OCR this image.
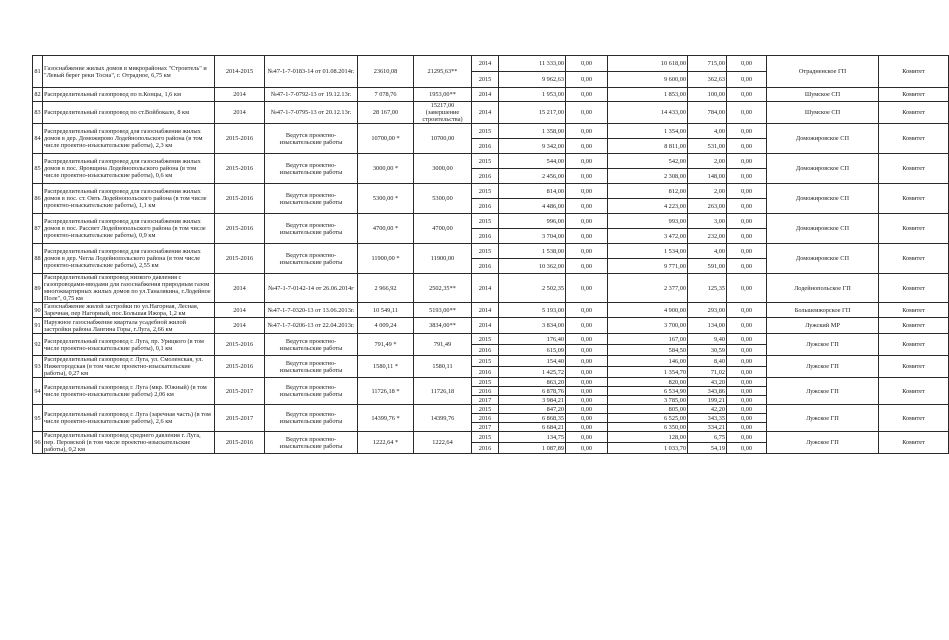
81	Газоснабжение жилых домов в микрорайонах "Строитель" и "Левый берег реки Тосна", г. Отрадное, 6,75 км	2014-2015	№47-1-7-0183-14 от 01.08.2014г.	23610,08	21295,63**	2014	11 333,00	0,00	10 618,00	715,00	0,00	Отрадненское ГП	Комитет
						2015	9 962,63	0,00	9 600,00	362,63	0,00		
82	Распределительный газопровод по п.Концы, 1,6 км	2014	№47-1-7-0792-13 от 19.12.13г.	7 078,76	1953,00**	2014	1 953,00	0,00	1 853,00	100,00	0,00	Шумское СП	Комитет
83	Распределительный газопровод по ст.Войбокало, 8 км	2014	№47-1-7-0795-13 от 20.12.13г.	28 167,00	15217,00 (завершение строительства)	2014	15 217,00	0,00	14 433,00	784,00	0,00	Шумское СП	Комитет
84	Распределительный газопровод для газоснабжения жилых домов в дер. Доможирово Лодейнопольского района (в том числе проектно-изыскательские работы), 2,3 км	2015-2016	Ведутся проектно-изыскательские работы	10700,00 *	10700,00	2015	1 358,00	0,00	1 354,00	4,00	0,00	Доможировское СП	Комитет
						2016	9 342,00	0,00	8 811,00	531,00	0,00		
85	Распределительный газопровод для газоснабжения жилых домов в пос. Яровщина Лодейнопольского района (в том числе проектно-изыскательские работы), 0,6 км	2015-2016	Ведутся проектно-изыскательские работы	3000,00 *	3000,00	2015	544,00	0,00	542,00	2,00	0,00	Доможировское СП	Комитет
						2016	2 456,00	0,00	2 308,00	148,00	0,00		
86	Распределительный газопровод для газоснабжения жилых домов в пос. ст. Оять Лодейнопольского района (в том числе проектно-изыскательские работы), 1,1 км	2015-2016	Ведутся проектно-изыскательские работы	5300,00 *	5300,00	2015	814,00	0,00	812,00	2,00	0,00	Доможировское СП	Комитет
						2016	4 486,00	0,00	4 223,00	263,00	0,00		
87	Распределительный газопровод для газоснабжения жилых домов в пос. Рассвет Лодейнопольского района (в том числе проектно-изыскательские работы), 0,9 км	2015-2016	Ведутся проектно-изыскательские работы	4700,00 *	4700,00	2015	996,00	0,00	993,00	3,00	0,00	Доможировское СП	Комитет
						2016	3 704,00	0,00	3 472,00	232,00	0,00		
88	Распределительный газопровод для газоснабжения жилых домов в дер. Чегла Лодейнопольского района (в том числе проектно-изыскательские работы), 2,55 км	2015-2016	Ведутся проектно-изыскательские работы	11900,00 *	11900,00	2015	1 538,00	0,00	1 534,00	4,00	0,00	Доможировское СП	Комитет
						2016	10 362,00	0,00	9 771,00	591,00	0,00		
89	Распределительный газопровод низкого давления с газопроводами-вводами для газоснабжения природным газом многоквартирных жилых домов по ул.Таналякина, г.Лодейное Поле", 0,75 км	2014	№47-1-7-0142-14 от 26.06.2014г	2 966,92	2502,35**	2014	2 502,35	0,00	2 377,00	125,35	0,00	Лодейнопольское ГП	Комитет
90	Газоснабжение жилой застройки по ул.Нагорная, Лесная, Заречная, пер Нагорный, пос.Большая Ижора, 1,2 км	2014	№47-1-7-0320-13 от 13.06.2013г.	10 549,11	5193,00**	2014	5 193,00	0,00	4 900,00	293,00	0,00	Большеижорское ГП	Комитет
91	Наружное газоснабжение квартала усадебной жилой застройки района Лангина Горы, г.Луга, 2,66 км	2014	№47-1-7-0206-13 от 22.04.2013г.	4 009,24	3834,00**	2014	3 834,00	0,00	3 700,00	134,00	0,00	Лужский МР	Комитет
92	Распределительный газопровод г. Луга, пр. Урицкого (в том числе проектно-изыскательские работы), 0,1 км	2015-2016	Ведутся проектно-изыскательские работы	791,49 *	791,49	2015	176,40	0,00	167,00	9,40	0,00	Лужское ГП	Комитет
						2016	615,09	0,00	584,50	30,59	0,00		
93	Распределительный газопровод г. Луга, ул. Смоленская, ул. Нижегородская (в том числе проектно-изыскательские работы), 0,27 км	2015-2016	Ведутся проектно-изыскательские работы	1580,11 *	1580,11	2015	154,40	0,00	146,00	8,40	0,00	Лужское ГП	Комитет
						2016	1 425,72	0,00	1 354,70	71,02	0,00		
94	Распределительный газопровод г. Луга (мкр. Южный) (в том числе проектно-изыскательские работы) 2,06 км	2015-2017	Ведутся проектно-изыскательские работы	11726,18 *	11726,18	2015	863,20	0,00	820,00	43,20	0,00	Лужское ГП	Комитет
						2016	6 878,76	0,00	6 534,90	343,86	0,00		
						2017	3 984,21	0,00	3 785,00	199,21	0,00		
95	Распределительный газопровод г. Луга (заречная часть) (в том числе проектно-изыскательские работы), 2,6 км	2015-2017	Ведутся проектно-изыскательские работы	14399,76 *	14399,76	2015	847,20	0,00	805,00	42,20	0,00	Лужское ГП	Комитет
						2016	6 868,35	0,00	6 525,00	343,35	0,00		
						2017	6 684,21	0,00	6 350,00	334,21	0,00		
96	Распределительный газопровод среднего давления г. Луга, пер. Перовской (в том числе проектно-изыскательские работы), 0,2 км	2015-2016	Ведутся проектно-изыскательские работы	1222,64 *	1222,64	2015	134,75	0,00	128,00	6,75	0,00	Лужское ГП	Комитет
						2016	1 087,89	0,00	1 033,70	54,19	0,00		
